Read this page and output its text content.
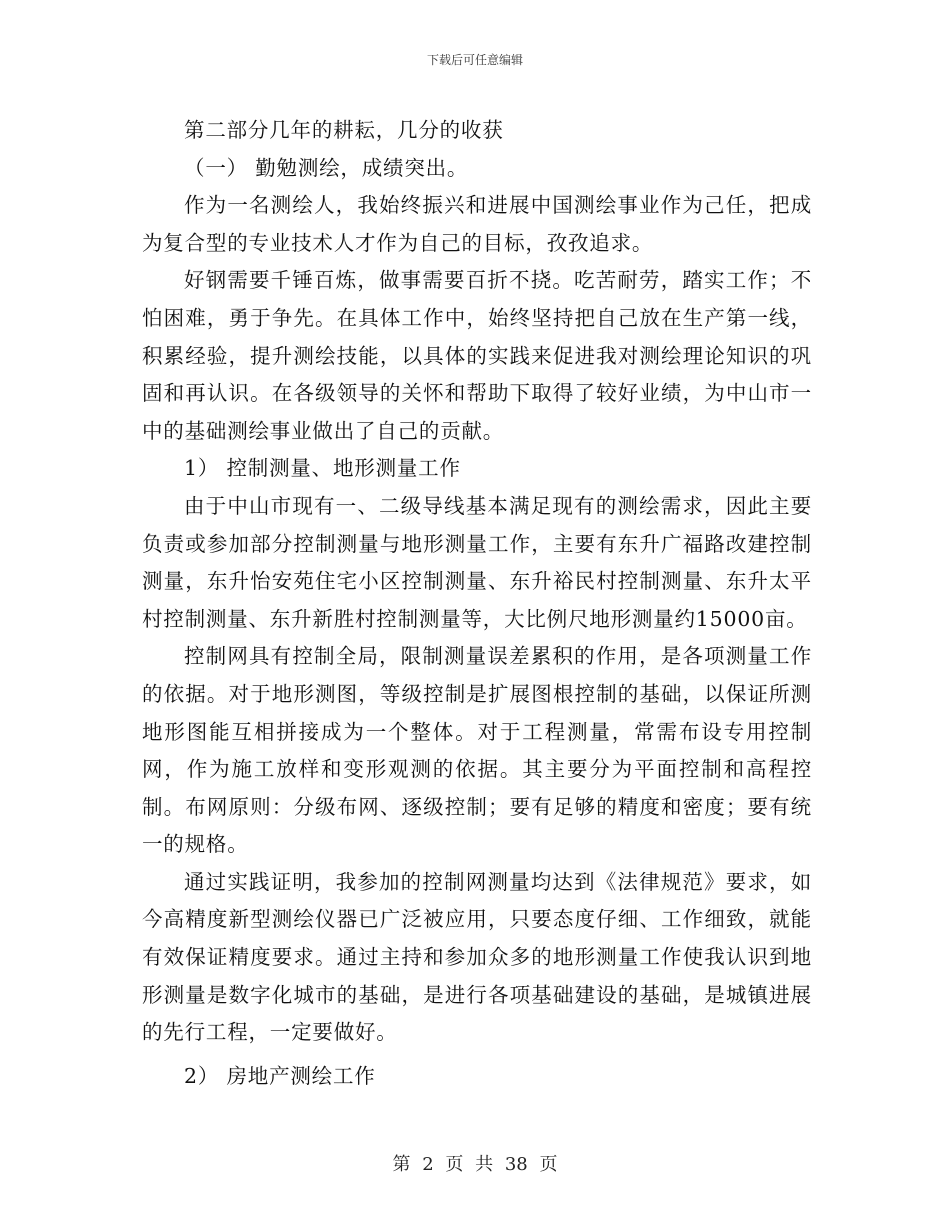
下载后可任意编辑

第二部分几年的耕耘，几分的收获

（一） 勤勉测绘，成绩突出。

作为一名测绘人，我始终振兴和进展中国测绘事业作为己任，把成为复合型的专业技术人才作为自己的目标，孜孜追求。

好钢需要千锤百炼，做事需要百折不挠。吃苦耐劳，踏实工作；不怕困难，勇于争先。在具体工作中，始终坚持把自己放在生产第一线，积累经验，提升测绘技能，以具体的实践来促进我对测绘理论知识的巩固和再认识。在各级领导的关怀和帮助下取得了较好业绩，为中山市一中的基础测绘事业做出了自己的贡献。

1） 控制测量、地形测量工作

由于中山市现有一、二级导线基本满足现有的测绘需求，因此主要负责或参加部分控制测量与地形测量工作，主要有东升广福路改建控制测量，东升怡安苑住宅小区控制测量、东升裕民村控制测量、东升太平村控制测量、东升新胜村控制测量等，大比例尺地形测量约15000亩。

控制网具有控制全局，限制测量误差累积的作用，是各项测量工作的依据。对于地形测图，等级控制是扩展图根控制的基础，以保证所测地形图能互相拼接成为一个整体。对于工程测量，常需布设专用控制网，作为施工放样和变形观测的依据。其主要分为平面控制和高程控制。布网原则：分级布网、逐级控制；要有足够的精度和密度；要有统一的规格。

通过实践证明，我参加的控制网测量均达到《法律规范》要求，如今高精度新型测绘仪器已广泛被应用，只要态度仔细、工作细致，就能有效保证精度要求。通过主持和参加众多的地形测量工作使我认识到地形测量是数字化城市的基础，是进行各项基础建设的基础，是城镇进展的先行工程，一定要做好。

2） 房地产测绘工作

第 2 页 共 38 页
